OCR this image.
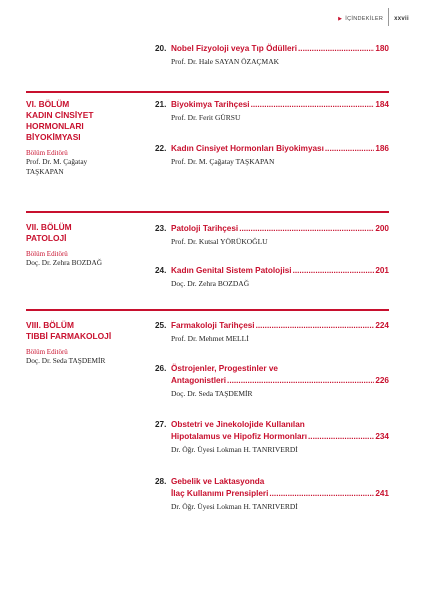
▶ İÇİNDEKİLER xxvii
20. Nobel Fizyoloji veya Tıp Ödülleri .....	180
Prof. Dr. Hale SAYAN ÖZAÇMAK
VI. BÖLÜM
KADIN CİNSİYET
HORMONLARI
BİYOKİMYASI
Bölüm Editörü
Prof. Dr. M. Çağatay
TAŞKAPAN
21. Biyokimya Tarihçesi .....	184
Prof. Dr. Ferit GÜRSU
22. Kadın Cinsiyet Hormonları Biyokimyası .....	186
Prof. Dr. M. Çağatay TAŞKAPAN
VII. BÖLÜM
PATOLOJİ
Bölüm Editörü
Doç. Dr. Zehra BOZDAĞ
23. Patoloji Tarihçesi .....	200
Prof. Dr. Kutsal YÖRÜKOĞLU
24. Kadın Genital Sistem Patolojisi .....	201
Doç. Dr. Zehra BOZDAĞ
VIII. BÖLÜM
TIBBİ FARMAKOLOJİ
Bölüm Editörü
Doç. Dr. Seda TAŞDEMİR
25. Farmakoloji Tarihçesi .....	224
Prof. Dr. Mehmet MELLİ
26. Östrojenler, Progestinler ve
Antagonistleri .....	226
Doç. Dr. Seda TAŞDEMİR
27. Obstetri ve Jinekolojide Kullanılan
Hipotalamus ve Hipofiz Hormonları .....	234
Dr. Öğr. Üyesi Lokman H. TANRIVERDİ
28. Gebelik ve Laktasyonda
İlaç Kullanımı Prensipleri .....	241
Dr. Öğr. Üyesi Lokman H. TANRIVERDİ
